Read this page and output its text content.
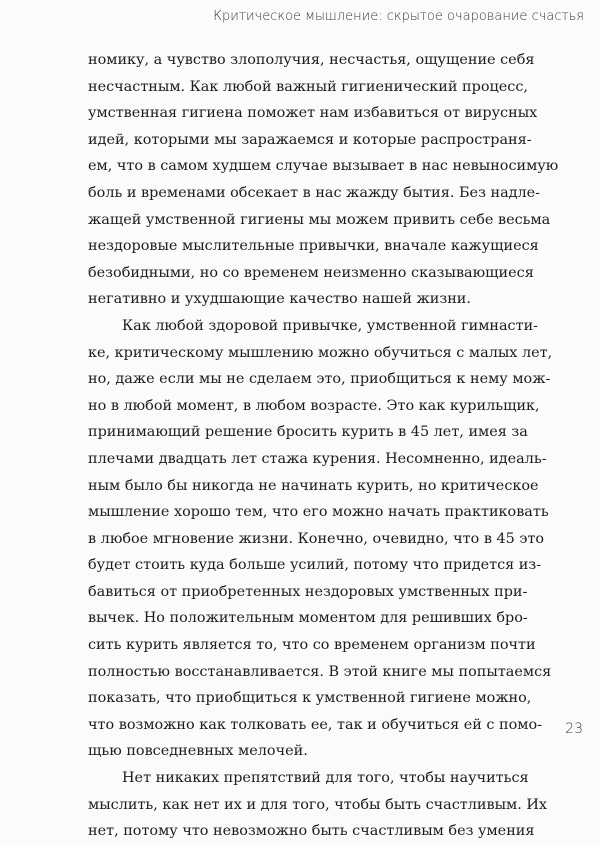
Критическое мышление: скрытое очарование счастья
номику, а чувство злополучия, несчастья, ощущение себя
несчастным. Как любой важный гигиенический процесс,
умственная гигиена поможет нам избавиться от вирусных
идей, которыми мы заражаемся и которые распространя-
ем, что в самом худшем случае вызывает в нас невыносимую
боль и временами обсекает в нас жажду бытия. Без надле-
жащей умственной гигиены мы можем привить себе весьма
нездоровые мыслительные привычки, вначале кажущиеся
безобидными, но со временем неизменно сказывающиеся
негативно и ухудшающие качество нашей жизни.
Как любой здоровой привычке, умственной гимнасти-
ке, критическому мышлению можно обучиться с малых лет,
но, даже если мы не сделаем это, приобщиться к нему мож-
но в любой момент, в любом возрасте. Это как курильщик,
принимающий решение бросить курить в 45 лет, имея за
плечами двадцать лет стажа курения. Несомненно, идеаль-
ным было бы никогда не начинать курить, но критическое
мышление хорошо тем, что его можно начать практиковать
в любое мгновение жизни. Конечно, очевидно, что в 45 это
будет стоить куда больше усилий, потому что придется из-
бавиться от приобретенных нездоровых умственных при-
вычек. Но положительным моментом для решивших бро-
сить курить является то, что со временем организм почти
полностью восстанавливается. В этой книге мы попытаемся
показать, что приобщиться к умственной гигиене можно,
что возможно как толковать ее, так и обучиться ей с помо-
щью повседневных мелочей.
Нет никаких препятствий для того, чтобы научиться
мыслить, как нет их и для того, чтобы быть счастливым. Их
нет, потому что невозможно быть счастливым без умения
23
